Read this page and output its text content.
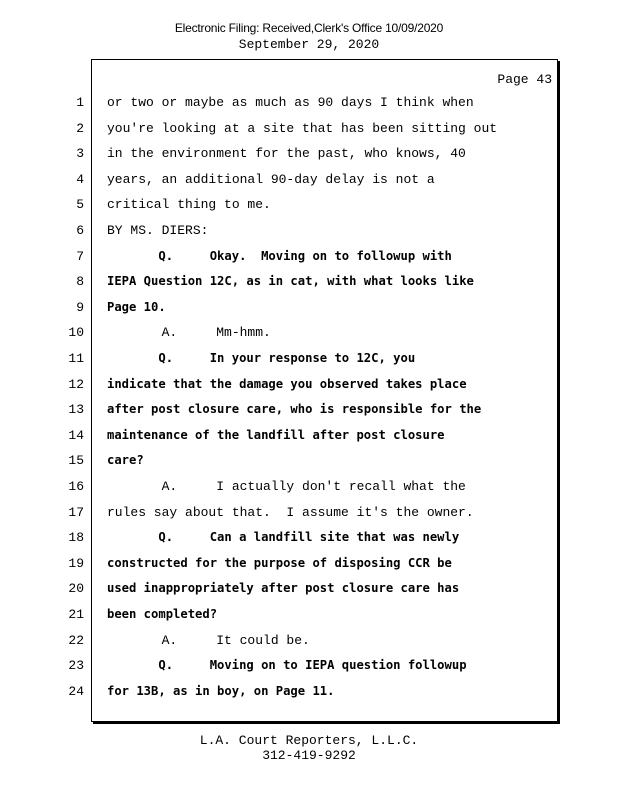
Electronic Filing: Received,Clerk's Office 10/09/2020
September 29, 2020
Page 43
1 or two or maybe as much as 90 days I think when
2 you're looking at a site that has been sitting out
3 in the environment for the past, who knows, 40
4 years, an additional 90-day delay is not a
5 critical thing to me.
6 BY MS. DIERS:
7 Q.     Okay.  Moving on to followup with
8 IEPA Question 12C, as in cat, with what looks like
9 Page 10.
10 A.     Mm-hmm.
11 Q.     In your response to 12C, you
12 indicate that the damage you observed takes place
13 after post closure care, who is responsible for the
14 maintenance of the landfill after post closure
15 care?
16 A.     I actually don't recall what the
17 rules say about that.  I assume it's the owner.
18 Q.     Can a landfill site that was newly
19 constructed for the purpose of disposing CCR be
20 used inappropriately after post closure care has
21 been completed?
22 A.     It could be.
23 Q.     Moving on to IEPA question followup
24 for 13B, as in boy, on Page 11.
L.A. Court Reporters, L.L.C.
312-419-9292
